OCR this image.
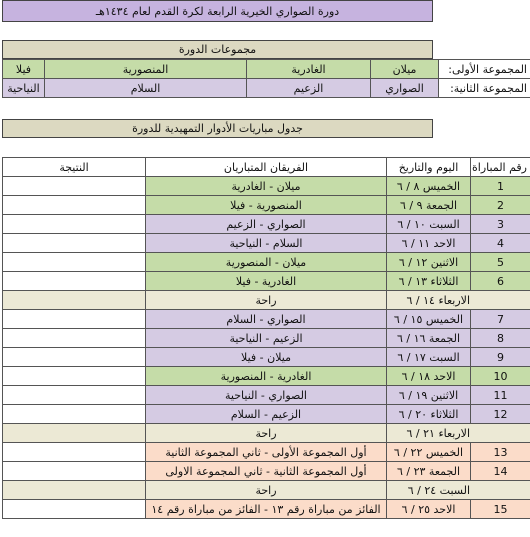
دورة الصواري الخيرية الرابعة لكرة القدم لعام ١٤٣٤هـ
مجموعات الدورة
المجموعة الأولى:	ميلان	الغادرية	المنصورية	فيلا
المجموعة الثانية:	الصواري	الزعيم	السلام	النياحية
جدول مباريات الأدوار التمهيدية للدورة
رقم المباراة	اليوم والتاريخ	الفريقان المتباريان	النتيجة
1	الخميس ٨ / ٦	ميلان - الغادرية	
2	الجمعة ٩ / ٦	المنصورية - فيلا	
3	السبت ١٠ / ٦	الصواري - الزعيم	
4	الاحد ١١ / ٦	السلام - النياحية	
5	الاثنين ١٢ / ٦	ميلان - المنصورية	
6	الثلاثاء ١٣ / ٦	الغادرية - فيلا	
الاربعاء ١٤ / ٦		راحة	
7	الخميس ١٥ / ٦	الصواري - السلام	
8	الجمعة ١٦ / ٦	الزعيم - النياحية	
9	السبت ١٧ / ٦	ميلان - فيلا	
10	الاحد ١٨ / ٦	الغادرية - المنصورية	
11	الاثنين ١٩ / ٦	الصواري - النياحية	
12	الثلاثاء ٢٠ / ٦	الزعيم - السلام	
الاربعاء ٢١ / ٦		راحة	
13	الخميس ٢٢ / ٦	أول المجموعة الأولى - ثاني المجموعة الثانية	
14	الجمعة ٢٣ / ٦	أول المجموعة الثانية - ثاني المجموعة الاولى	
السبت ٢٤ / ٦		راحة	
15	الاحد ٢٥ / ٦	الفائز من مباراة رقم ١٣ - الفائز من مباراة رقم ١٤	
